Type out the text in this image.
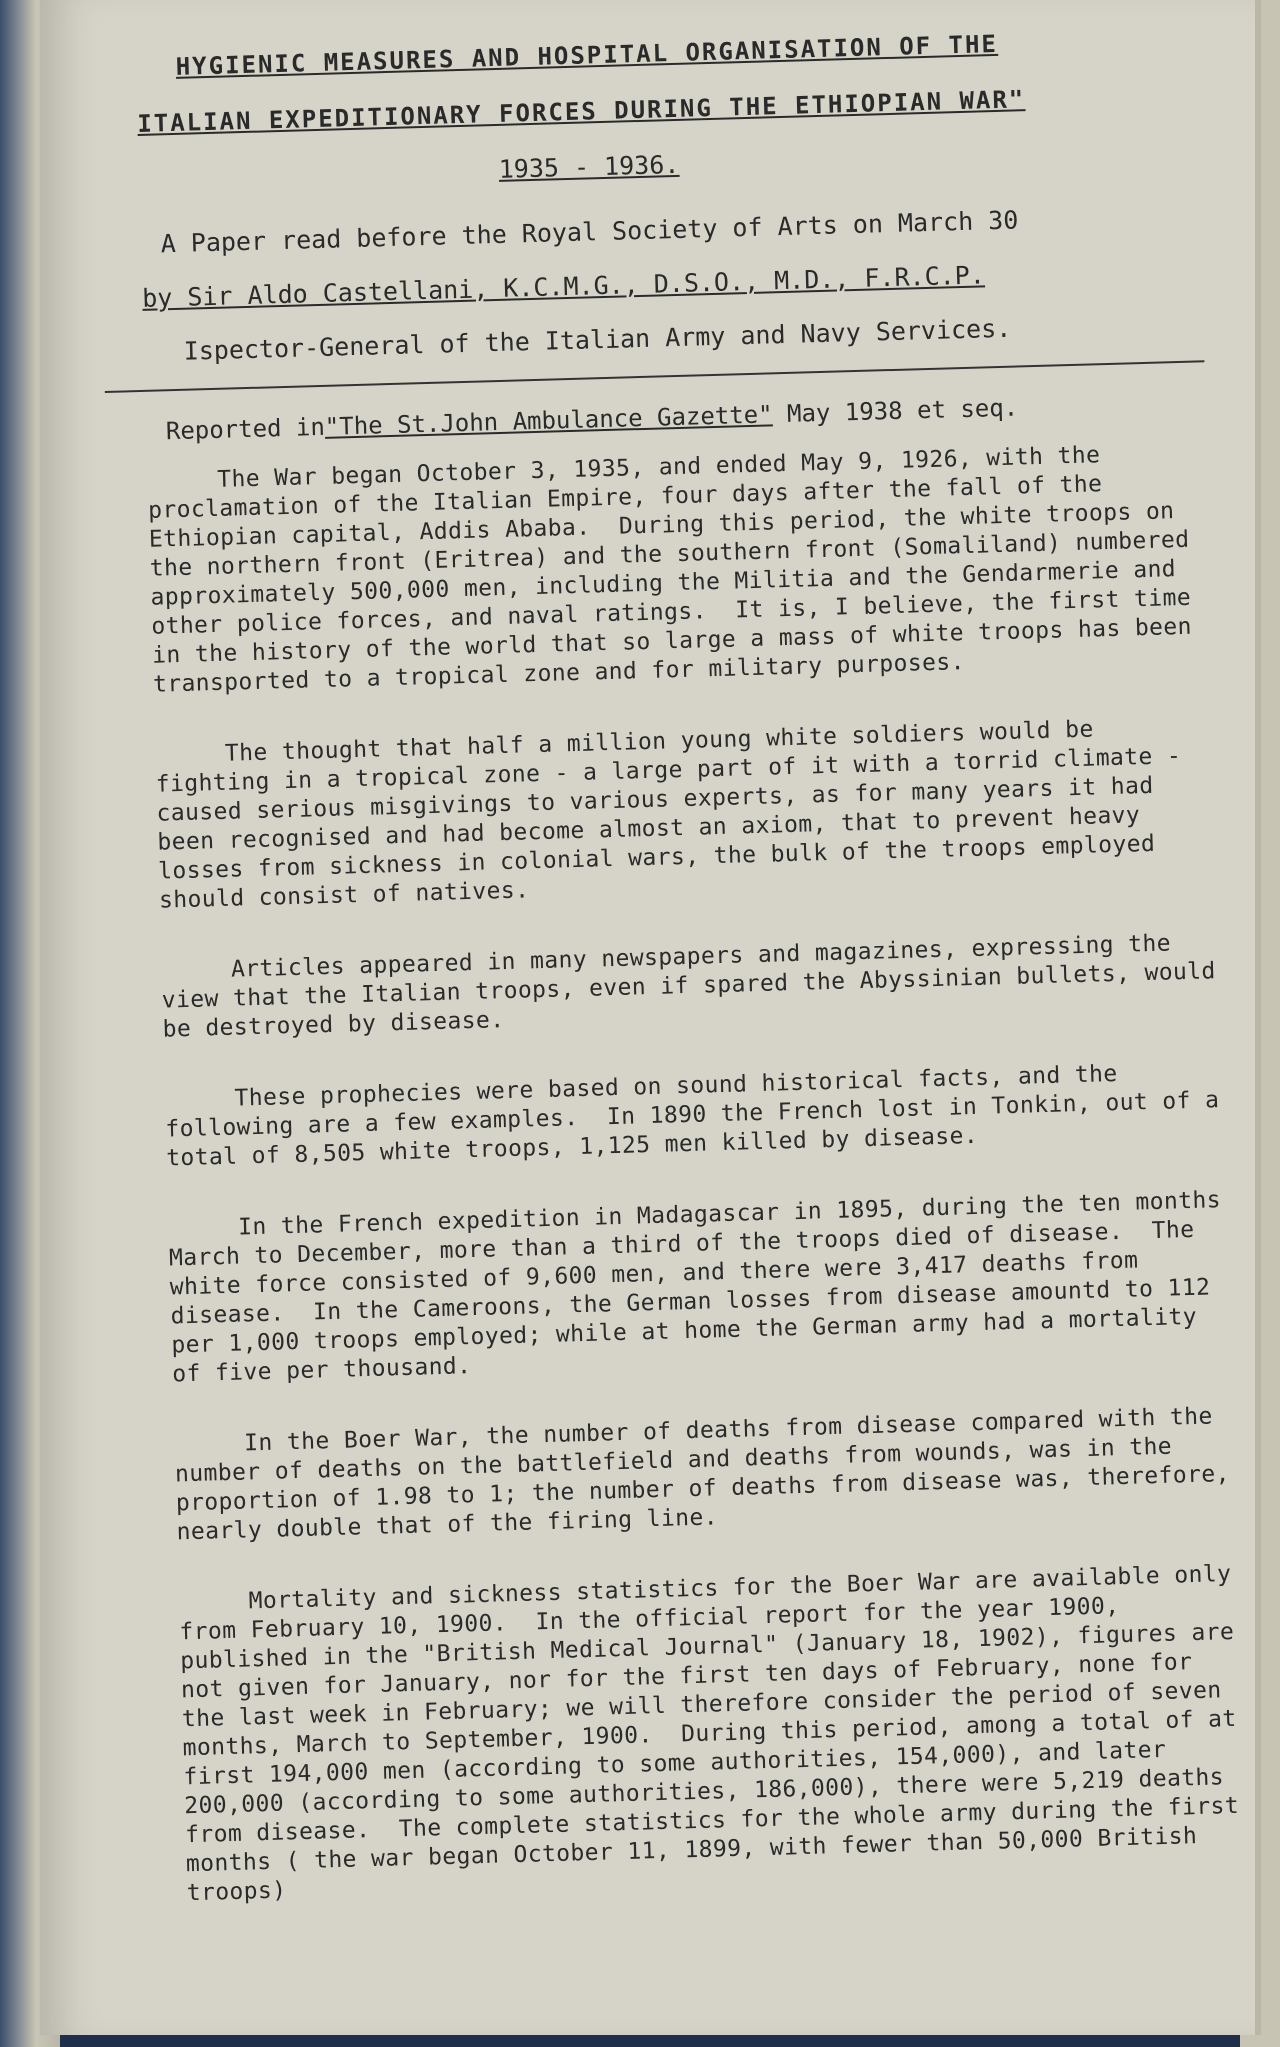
HYGIENIC MEASURES AND HOSPITAL ORGANISATION OF THE
ITALIAN EXPEDITIONARY FORCES DURING THE ETHIOPIAN WAR"
1935 - 1936.
A Paper read before the Royal Society of Arts on March 30
by Sir Aldo Castellani, K.C.M.G., D.S.O., M.D., F.R.C.P.
Ispector-General of the Italian Army and Navy Services.
Reported in"The St.John Ambulance Gazette" May 1938 et seq.

The War began October 3, 1935, and ended May 9, 1926, with the proclamation of the Italian Empire, four days after the fall of the Ethiopian capital, Addis Ababa.  During this period, the white troops on the northern front (Eritrea) and the southern front (Somaliland) numbered approximately 500,000 men, including the Militia and the Gendarmerie and other police forces, and naval ratings.  It is, I believe, the first time in the history of the world that so large a mass of white troops has been transported to a tropical zone and for military purposes.

The thought that half a million young white soldiers would be fighting in a tropical zone - a large part of it with a torrid climate - caused serious misgivings to various experts, as for many years it had been recognised and had become almost an axiom, that to prevent heavy losses from sickness in colonial wars, the bulk of the troops employed should consist of natives.

Articles appeared in many newspapers and magazines, expressing the view that the Italian troops, even if spared the Abyssinian bullets, would be destroyed by disease.

These prophecies were based on sound historical facts, and the following are a few examples.  In 1890 the French lost in Tonkin, out of a total of 8,505 white troops, 1,125 men killed by disease.

In the French expedition in Madagascar in 1895, during the ten months March to December, more than a third of the troops died of disease.  The white force consisted of 9,600 men, and there were 3,417 deaths from disease.  In the Cameroons, the German losses from disease amountd to 112 per 1,000 troops employed; while at home the German army had a mortality of five per thousand.

In the Boer War, the number of deaths from disease compared with the number of deaths on the battlefield and deaths from wounds, was in the proportion of 1.98 to 1; the number of deaths from disease was, therefore, nearly double that of the firing line.

Mortality and sickness statistics for the Boer War are available only from February 10, 1900.  In the official report for the year 1900, published in the "British Medical Journal" (January 18, 1902), figures are not given for January, nor for the first ten days of February, none for the last week in February; we will therefore consider the period of seven months, March to September, 1900.  During this period, among a total of at first 194,000 men (according to some authorities, 154,000), and later 200,000 (according to some authorities, 186,000), there were 5,219 deaths from disease.  The complete statistics for the whole army during the first months ( the war began October 11, 1899, with fewer than 50,000 British troops)
